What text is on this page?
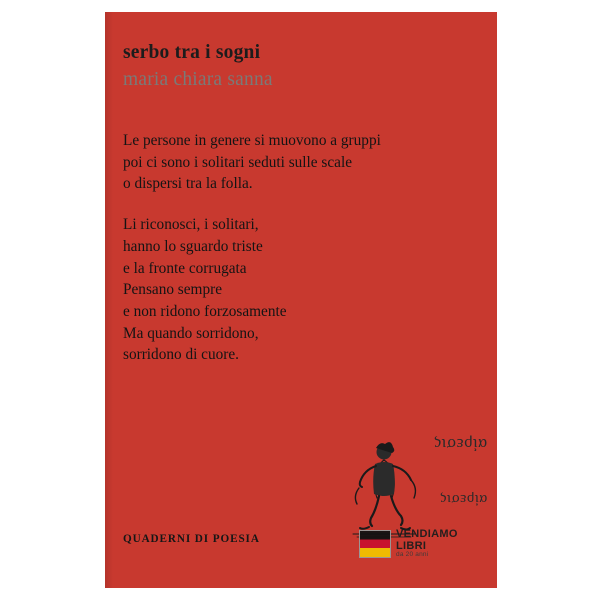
serbo tra i sogni
maria chiara sanna
Le persone in genere si muovono a gruppi
poi ci sono i solitari seduti sulle scale
o dispersi tra la folla.
Li riconosci, i solitari,
hanno lo sguardo triste
e la fronte corrugata
Pensano sempre
e non ridono forzosamente
Ma quando sorridono,
sorridono di cuore.
QUADERNI DI POESIA
αἱρεσις
αἱρεσις
VENDIAMO
LIBRI
da 20 anni
